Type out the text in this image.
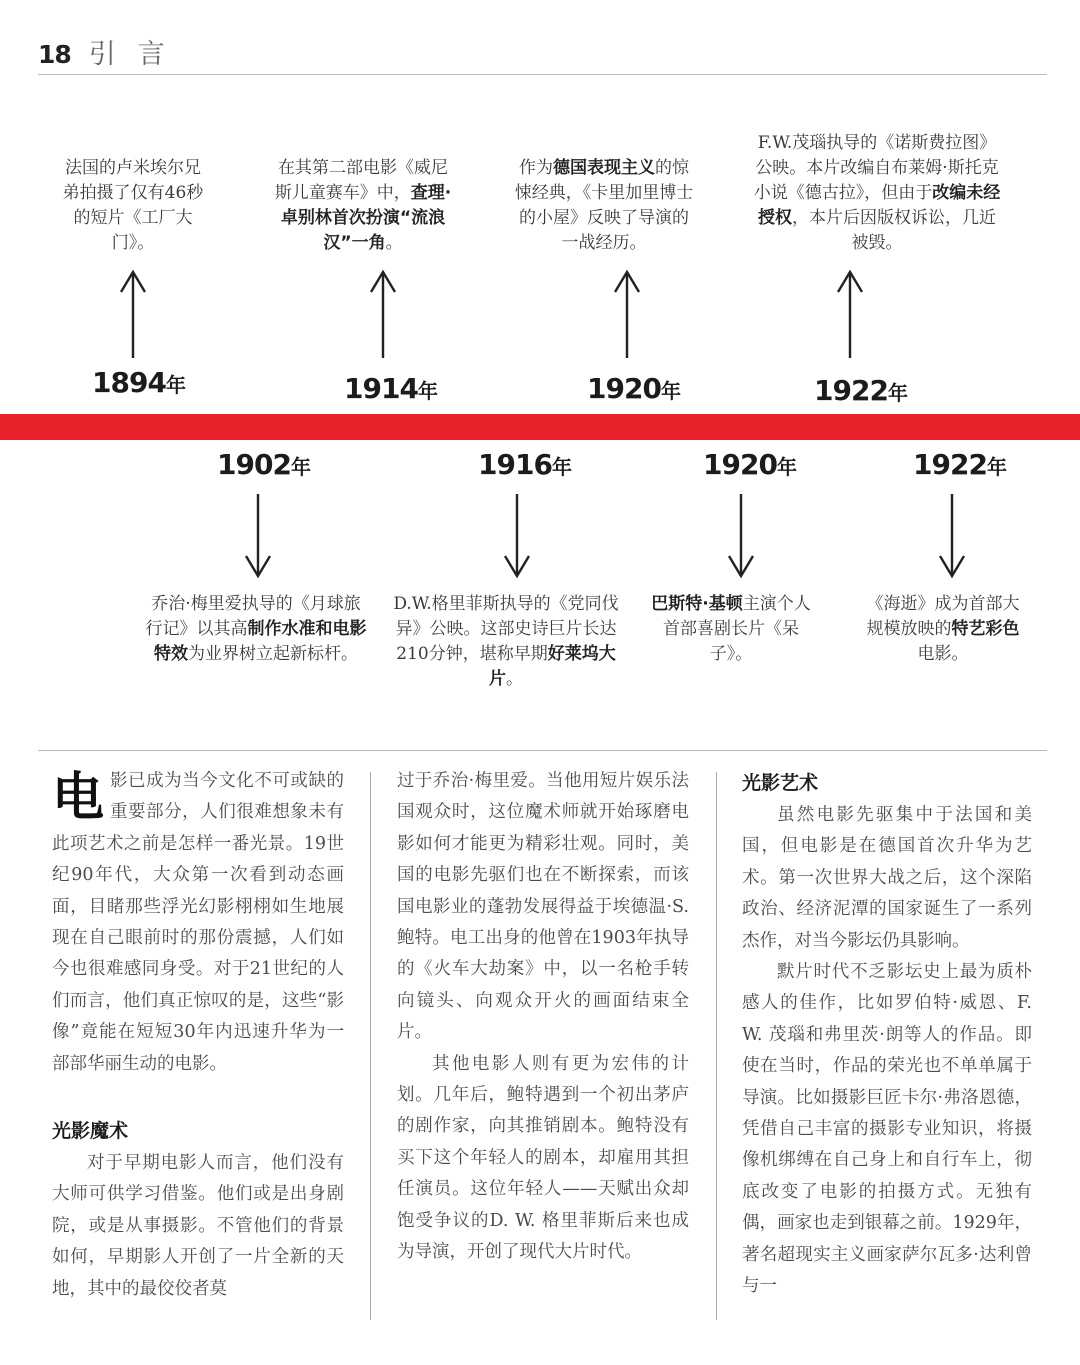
18 引言
法国的卢米埃尔兄弟拍摄了仅有46秒的短片《工厂大门》。
在其第二部电影《威尼斯儿童赛车》中，查理·卓别林首次扮演“流浪汉”一角。
作为德国表现主义的惊悚经典，《卡里加里博士的小屋》反映了导演的一战经历。
F.W.茂瑙执导的《诺斯费拉图》公映。本片改编自布莱姆·斯托克小说《德古拉》，但由于改编未经授权，本片后因版权诉讼，几近被毁。
1894年	1914年	1920年	1922年
1902年	1916年	1920年	1922年
乔治·梅里爱执导的《月球旅行记》以其高制作水准和电影特效为业界树立起新标杆。
D.W.格里菲斯执导的《党同伐异》公映。这部史诗巨片长达210分钟，堪称早期好莱坞大片。
巴斯特·基顿主演个人首部喜剧长片《呆子》。
《海逝》成为首部大规模放映的特艺彩色电影。

电影已成为当今文化不可或缺的重要部分，人们很难想象未有此项艺术之前是怎样一番光景。19世纪90年代，大众第一次看到动态画面，目睹那些浮光幻影栩栩如生地展现在自己眼前时的那份震撼，人们如今也很难感同身受。对于21世纪的人们而言，他们真正惊叹的是，这些“影像”竟能在短短30年内迅速升华为一部部华丽生动的电影。

光影魔术

对于早期电影人而言，他们没有大师可供学习借鉴。他们或是出身剧院，或是从事摄影。不管他们的背景如何，早期影人开创了一片全新的天地，其中的最佼佼者莫

过于乔治·梅里爱。当他用短片娱乐法国观众时，这位魔术师就开始琢磨电影如何才能更为精彩壮观。同时，美国的电影先驱们也在不断探索，而该国电影业的蓬勃发展得益于埃德温·S. 鲍特。电工出身的他曾在1903年执导的《火车大劫案》中，以一名枪手转向镜头、向观众开火的画面结束全片。

其他电影人则有更为宏伟的计划。几年后，鲍特遇到一个初出茅庐的剧作家，向其推销剧本。鲍特没有买下这个年轻人的剧本，却雇用其担任演员。这位年轻人——天赋出众却饱受争议的D. W. 格里菲斯后来也成为导演，开创了现代大片时代。

光影艺术

虽然电影先驱集中于法国和美国，但电影是在德国首次升华为艺术。第一次世界大战之后，这个深陷政治、经济泥潭的国家诞生了一系列杰作，对当今影坛仍具影响。

默片时代不乏影坛史上最为质朴感人的佳作，比如罗伯特·威恩、F. W. 茂瑙和弗里茨·朗等人的作品。即使在当时，作品的荣光也不单单属于导演。比如摄影巨匠卡尔·弗洛恩德，凭借自己丰富的摄影专业知识，将摄像机绑缚在自己身上和自行车上，彻底改变了电影的拍摄方式。无独有偶，画家也走到银幕之前。1929年，著名超现实主义画家萨尔瓦多·达利曾与一
